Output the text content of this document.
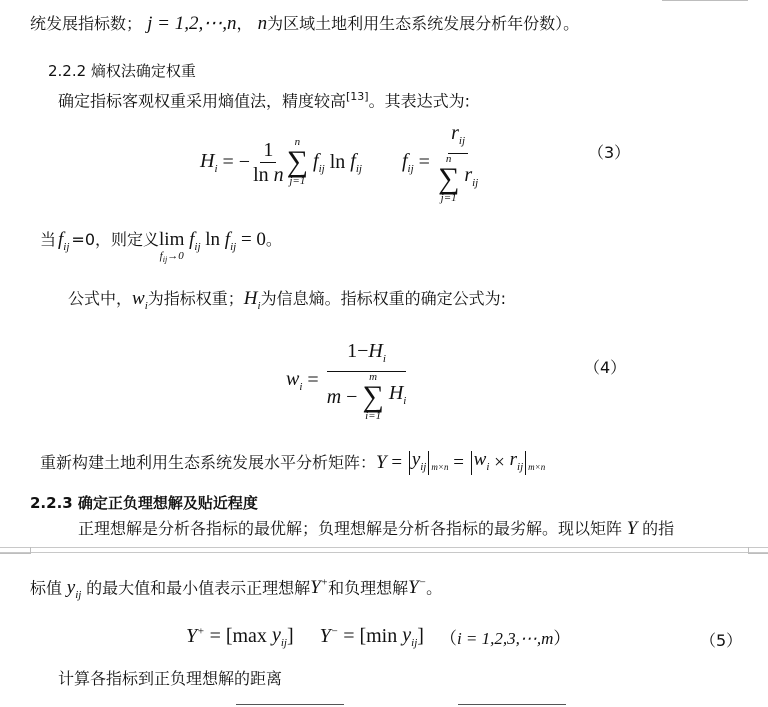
统发展指标数； j = 1,2,⋯,n， n为区域土地利用生态系统发展分析年份数）。
2.2.2 熵权法确定权重
确定指标客观权重采用熵值法，精度较高[13]。其表达式为:
$H_i$ = − $\frac{1}{\text{ln n}}$ n
∑
j=1
$f_{ij}$ $\ln f_{ij}$ $f_{ij} = r_{ij}$
n
∑
j=1
$r_{ij}$	（3）
当 $f_{ij} =0$，则定义 lim
$f_{ij}\to 0$
$f_{ij}$ $\ln f_{ij} = 0$ 。
公式中，$w_i$为指标权重；$H_i$为信息熵。指标权重的确定公式为:
$w_i = 1-H_i$
m −
m
∑
i=1
$H_i$	（4）
重新构建土地利用生态系统发展水平分析矩阵： $Y = y_{ij}$ $m\times n = w_i \times r_{ij}$ m×n
2.2.3 确定正负理想解及贴近程度
正理想解是分析各指标的最优解；负理想解是分析各指标的最劣解。现以矩阵 Y 的指
标值 $y_{ij}$ 的最大值和最小值表示正理想解Y+和负理想解Y−。
Y+ = [max $y_{ij}$ ] Y− = [min $y_{ij}$ ] （i = 1,2,3,⋯,m）	（5）
计算各指标到正负理想解的距离
